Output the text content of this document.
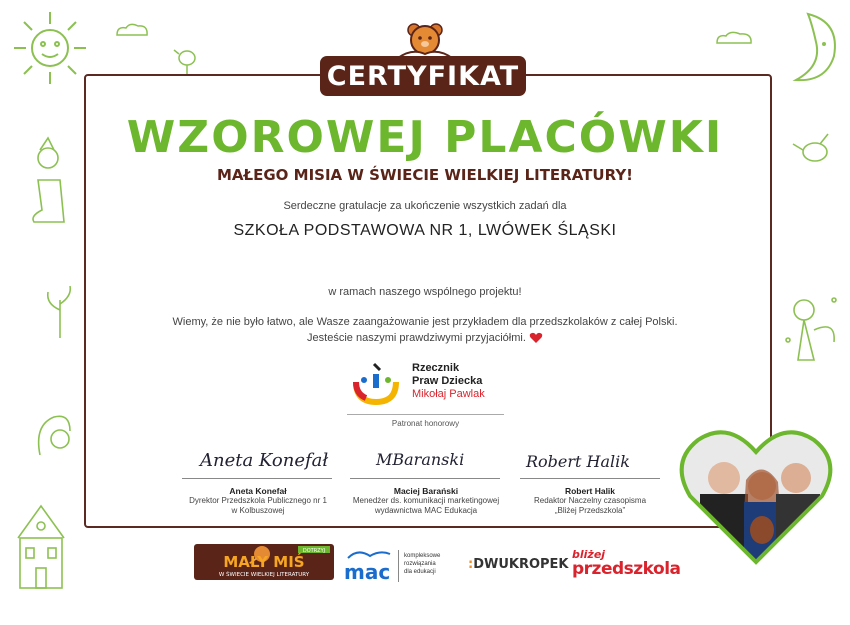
CERTYFIKAT
WZOROWEJ PLACÓWKI
MAŁEGO MISIA W ŚWIECIE WIELKIEJ LITERATURY!
Serdeczne gratulacje za ukończenie wszystkich zadań dla
SZKOŁA PODSTAWOWA NR 1, LWÓWEK ŚLĄSKI
w ramach naszego wspólnego projektu!
Wiemy, że nie było łatwo, ale Wasze zaangażowanie jest przykładem dla przedszkolaków z całej Polski.
Jesteście naszymi prawdziwymi przyjaciółmi.
Rzecznik
Praw Dziecka
Mikołaj Pawlak
Patronat honorowy
Aneta Konefał
Aneta Konefał
Dyrektor Przedszkola Publicznego nr 1
w Kolbuszowej
MBaranski
Maciej Barański
Menedżer ds. komunikacji marketingowej
wydawnictwa MAC Edukacja
Robert Halik
Robert Halik
Redaktor Naczelny czasopisma
„Bliżej Przedszkola”
DOTRZYJ
MAŁY MIŚ
W ŚWIECIE WIELKIEJ LITERATURY mac
kompleksowe
rozwiązania
dla edukacji	:DWUKROPEK
bliżej
przedszkola
